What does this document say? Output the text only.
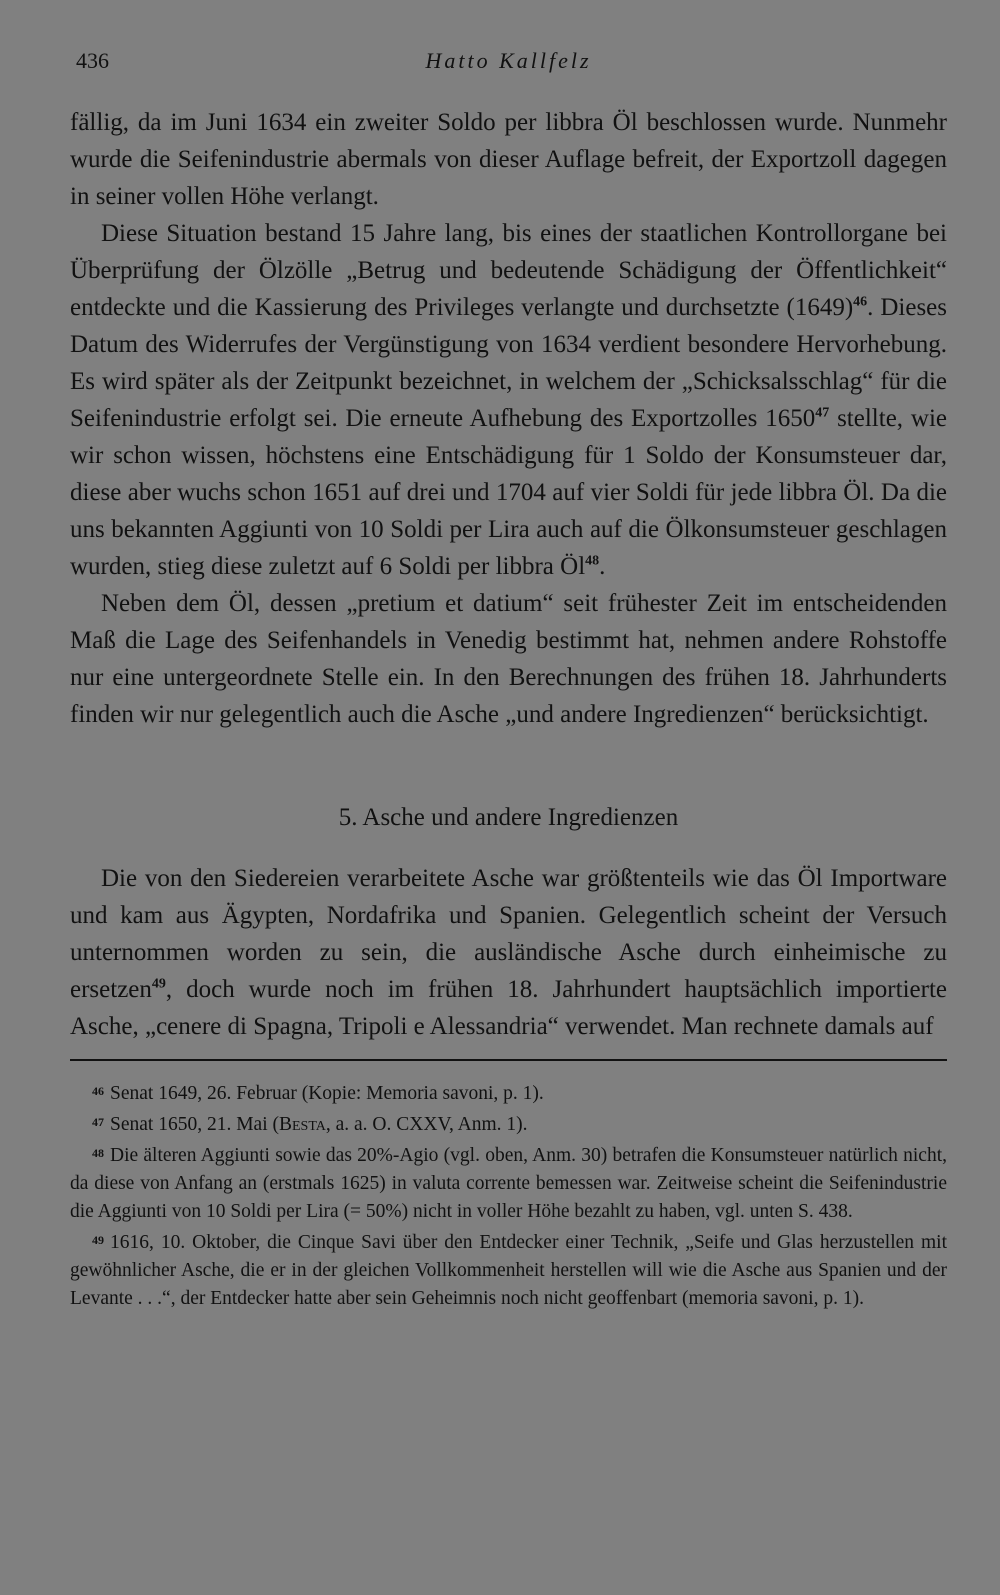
436	Hatto Kallfelz

fällig, da im Juni 1634 ein zweiter Soldo per libbra Öl beschlossen wurde. Nunmehr wurde die Seifenindustrie abermals von dieser Auflage befreit, der Exportzoll dagegen in seiner vollen Höhe verlangt.

Diese Situation bestand 15 Jahre lang, bis eines der staatlichen Kontrollorgane bei Überprüfung der Ölzölle „Betrug und bedeutende Schädigung der Öffentlichkeit“ entdeckte und die Kassierung des Privileges verlangte und durchsetzte $(1649)^{46}$. Dieses Datum des Widerrufes der Vergünstigung von 1634 verdient besondere Hervorhebung. Es wird später als der Zeitpunkt bezeichnet, in welchem der „Schicksalsschlag“ für die Seifenindustrie erfolgt sei. Die erneute Aufhebung des Exportzolles 1650$^{47}$ stellte, wie wir schon wissen, höchstens eine Entschädigung für 1 Soldo der Konsumsteuer dar, diese aber wuchs schon 1651 auf drei und 1704 auf vier Soldi für jede libbra Öl. Da die uns bekannten Aggiunti von 10 Soldi per Lira auch auf die Ölkonsumsteuer geschlagen wurden, stieg diese zuletzt auf 6 Soldi per libbra $Öl^{48}$.

Neben dem Öl, dessen „pretium et datium“ seit frühester Zeit im entscheidenden Maß die Lage des Seifenhandels in Venedig bestimmt hat, nehmen andere Rohstoffe nur eine untergeordnete Stelle ein. In den Berechnungen des frühen 18. Jahrhunderts finden wir nur gelegentlich auch die Asche „und andere Ingredienzen“ berücksichtigt.

5. Asche und andere Ingredienzen

Die von den Siedereien verarbeitete Asche war größtenteils wie das Öl Importware und kam aus Ägypten, Nordafrika und Spanien. Gelegentlich scheint der Versuch unternommen worden zu sein, die ausländische Asche durch einheimische zu ersetzen$^{49}$, doch wurde noch im frühen 18. Jahrhundert hauptsächlich importierte Asche, „cenere di Spagna, Tripoli e Alessandria“ verwendet. Man rechnete damals auf

$^{46}$ Senat 1649, 26. Februar (Kopie: Memoria savoni, p. 1).

$^{47}$ Senat 1650, 21. Mai (Besta, a. a. O. CXXV, Anm. 1).

$^{48}$ Die älteren Aggiunti sowie das 20%-Agio (vgl. oben, Anm. 30) betrafen die Konsumsteuer natürlich nicht, da diese von Anfang an (erstmals 1625) in valuta corrente bemessen war. Zeitweise scheint die Seifenindustrie die Aggiunti von 10 Soldi per Lira (= 50%) nicht in voller Höhe bezahlt zu haben, vgl. unten S. 438.

$^{49}$ 1616, 10. Oktober, die Cinque Savi über den Entdecker einer Technik, „Seife und Glas herzustellen mit gewöhnlicher Asche, die er in der gleichen Vollkommenheit herstellen will wie die Asche aus Spanien und der Levante . . .“, der Entdecker hatte aber sein Geheimnis noch nicht geoffenbart (memoria savoni, p. 1).
